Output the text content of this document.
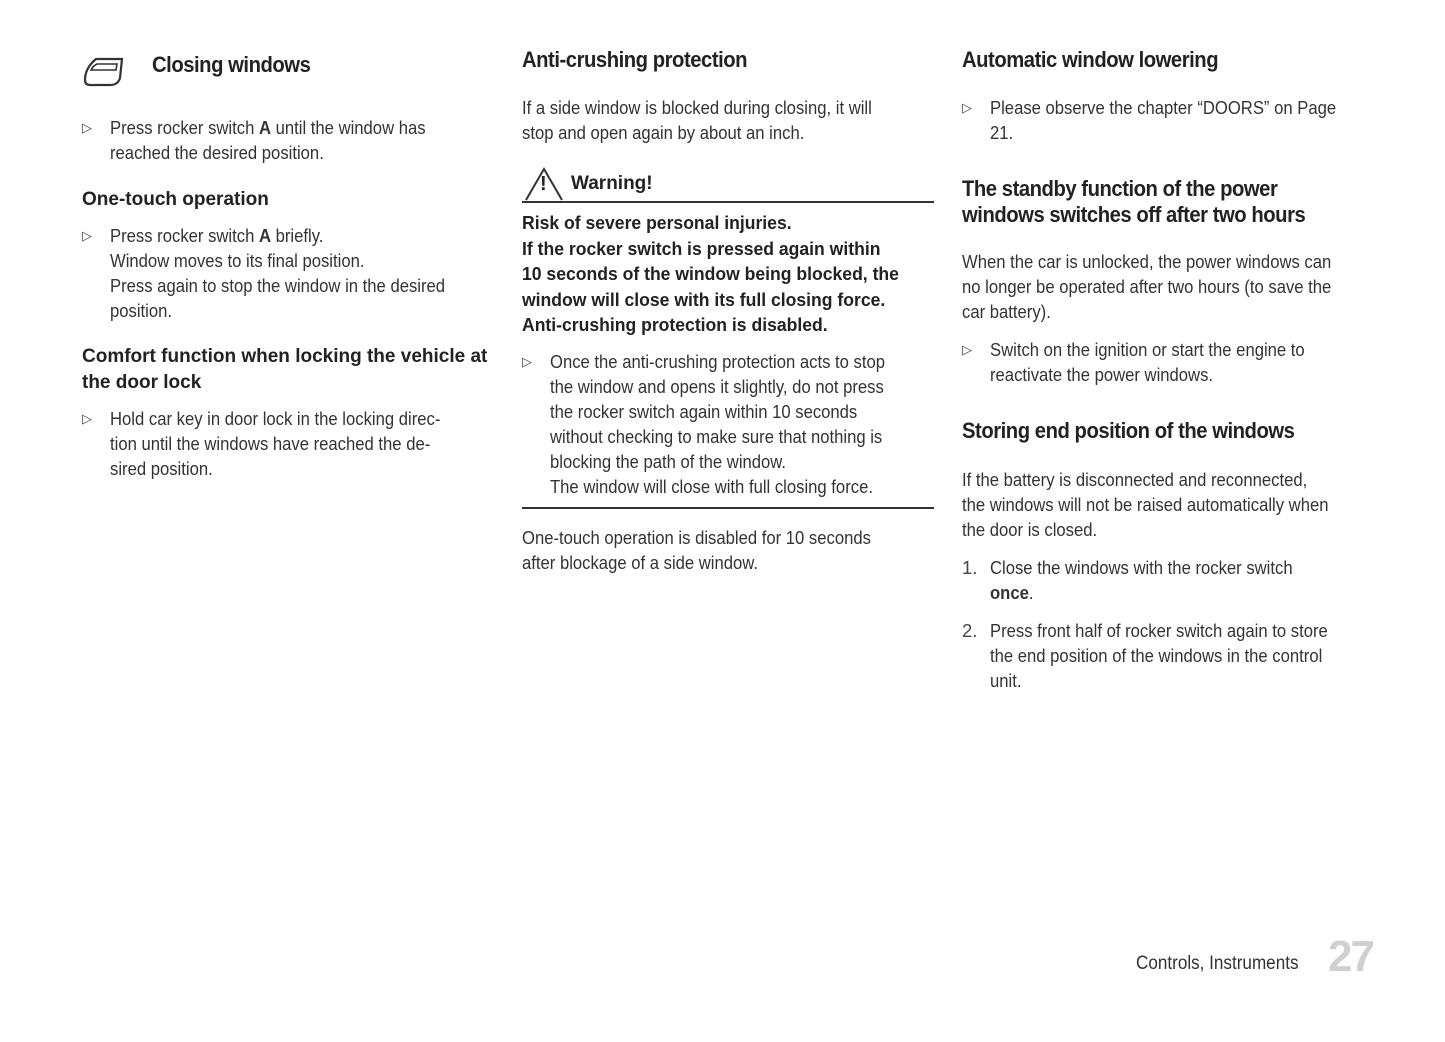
Closing windows
▷ Press rocker switch A until the window has

reached the desired position.

One-touch operation
▷ Press rocker switch A briefly.

Window moves to its final position.

Press again to stop the window in the desired

position.

Comfort function when locking the vehicle at
the door lock
▷ Hold car key in door lock in the locking direc-

tion until the windows have reached the de-

sired position.

Anti-crushing protection

If a side window is blocked during closing, it will

stop and open again by about an inch.

! Warning!
Risk of severe personal injuries.
If the rocker switch is pressed again within
10 seconds of the window being blocked, the
window will close with its full closing force.
Anti-crushing protection is disabled.
▷ Once the anti-crushing protection acts to stop

the window and opens it slightly, do not press

the rocker switch again within 10 seconds

without checking to make sure that nothing is

blocking the path of the window.

The window will close with full closing force.

One-touch operation is disabled for 10 seconds

after blockage of a side window.

Automatic window lowering
▷ Please observe the chapter “DOORS” on Page

21.

The standby function of the power
windows switches off after two hours

When the car is unlocked, the power windows can

no longer be operated after two hours (to save the

car battery).

▷ Switch on the ignition or start the engine to

reactivate the power windows.

Storing end position of the windows

If the battery is disconnected and reconnected,

the windows will not be raised automatically when

the door is closed.

1. Close the windows with the rocker switch

once.

2. Press front half of rocker switch again to store

the end position of the windows in the control

unit.

Controls, Instruments 27
